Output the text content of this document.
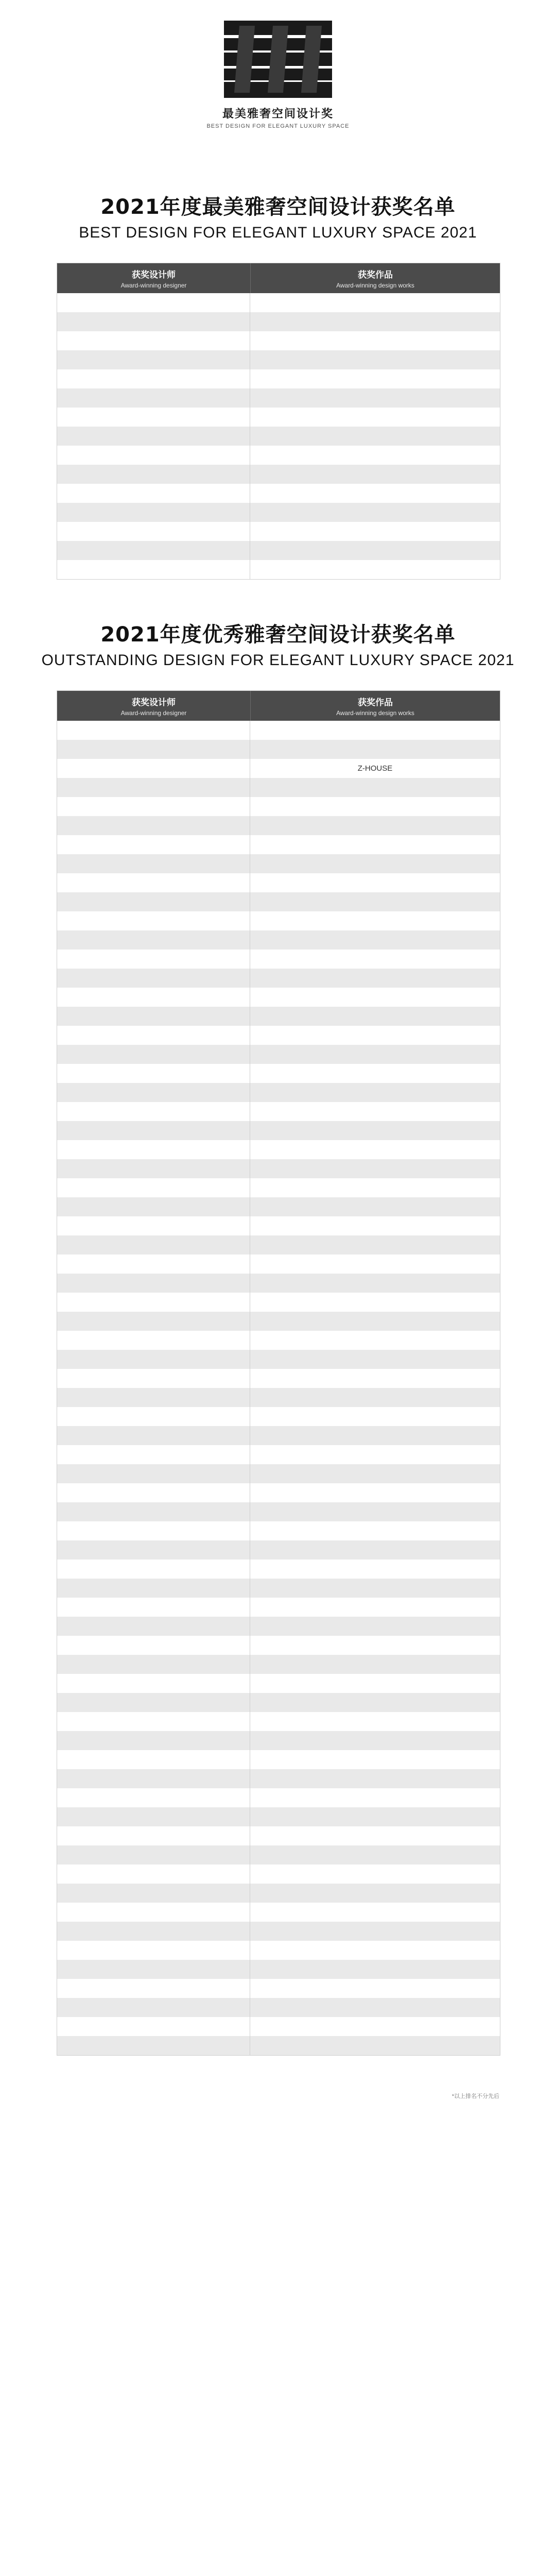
最美雅奢空间设计奖
BEST DESIGN FOR ELEGANT LUXURY SPACE
2021年度最美雅奢空间设计获奖名单
BEST DESIGN FOR ELEGANT LUXURY SPACE 2021
获奖设计师
Award-winning designer
获奖作品
Award-winning design works
2021年度优秀雅奢空间设计获奖名单
OUTSTANDING DESIGN FOR ELEGANT LUXURY SPACE 2021
获奖设计师
Award-winning designer
获奖作品
Award-winning design works
Z-HOUSE
*以上排名不分先后
